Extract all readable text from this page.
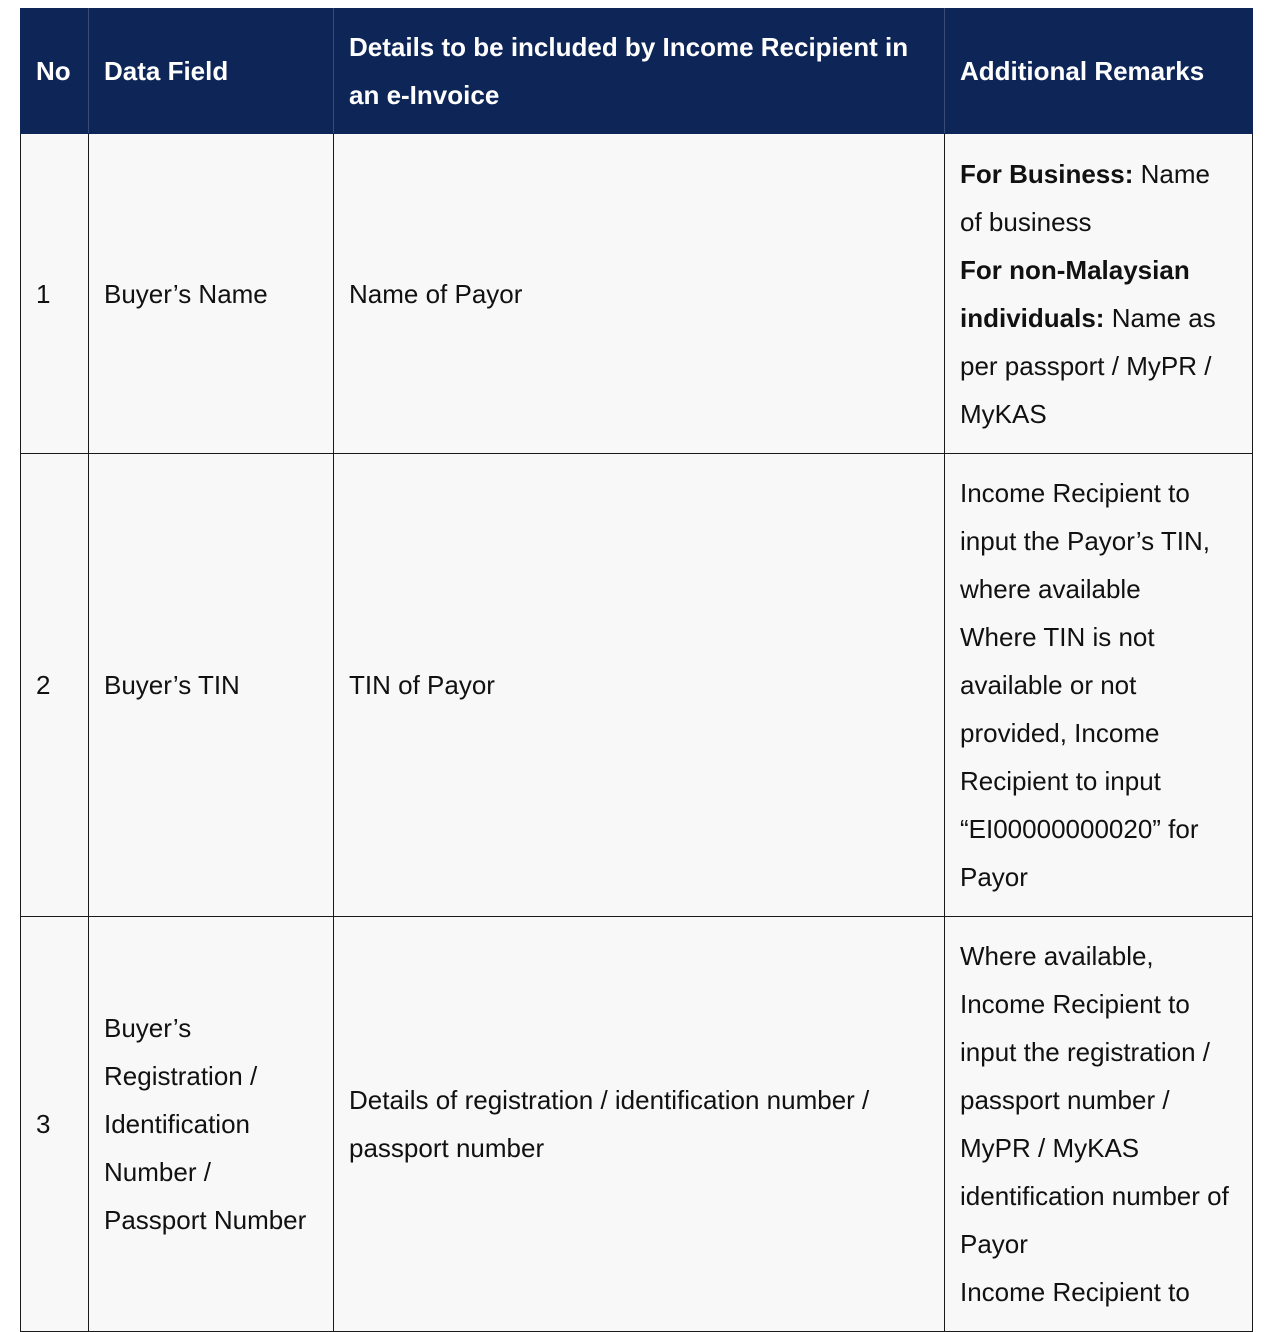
No	Data Field	Details to be included by Income Recipient in an e-Invoice	Additional Remarks
1	Buyer’s Name	Name of Payor	For Business: Name of business

For non-Malaysian individuals: Name as per passport / MyPR / MyKAS

2	Buyer’s TIN	TIN of Payor	Income Recipient to input the Payor’s TIN, where available

Where TIN is not available or not provided, Income Recipient to input “EI00000000020” for Payor

3	Buyer’s Registration / Identification Number / Passport Number	Details of registration / identification number / passport number	Where available, Income Recipient to input the registration / passport number / MyPR / MyKAS identification number of Payor

Income Recipient to
